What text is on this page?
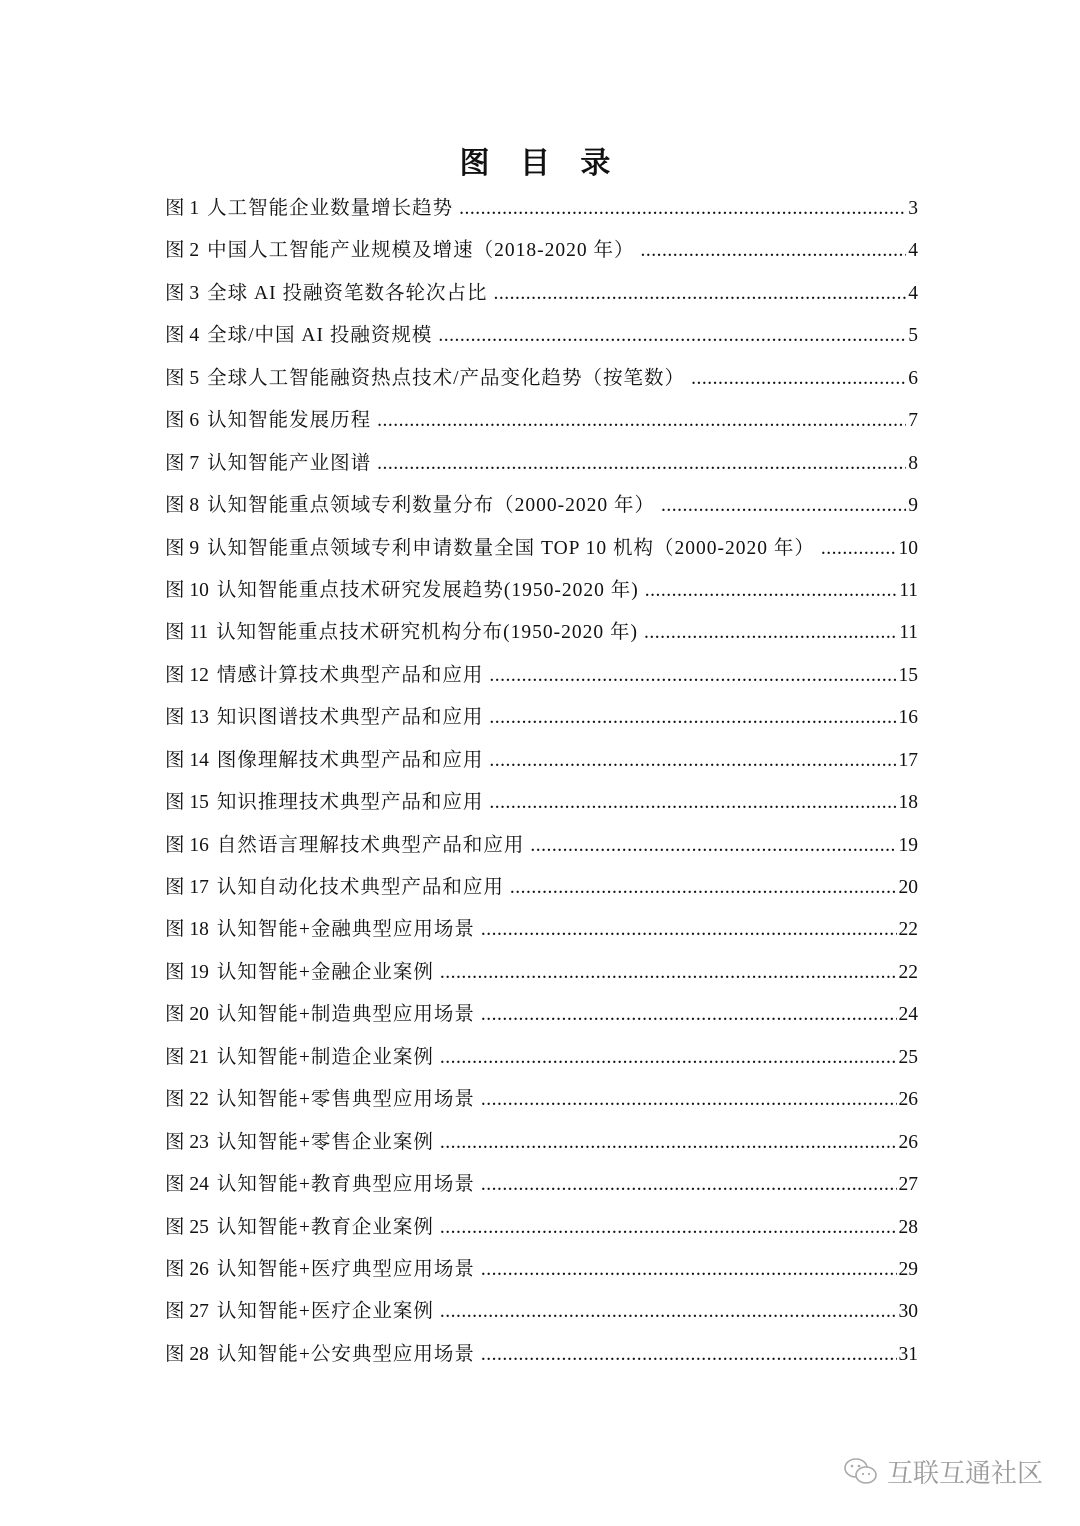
图 目 录
图 1 人工智能企业数量增长趋势 .....	3
图 2 中国人工智能产业规模及增速（2018-2020 年） .....	4
图 3 全球 AI 投融资笔数各轮次占比 .....	4
图 4 全球/中国 AI 投融资规模 .....	5
图 5 全球人工智能融资热点技术/产品变化趋势（按笔数） .....	6
图 6 认知智能发展历程 .....	7
图 7 认知智能产业图谱 .....	8
图 8 认知智能重点领域专利数量分布（2000-2020 年） .....	9
图 9 认知智能重点领域专利申请数量全国 TOP 10 机构（2000-2020 年） .....	10
图 10 认知智能重点技术研究发展趋势(1950-2020 年) .....	11
图 11 认知智能重点技术研究机构分布(1950-2020 年) .....	11
图 12 情感计算技术典型产品和应用 .....	15
图 13 知识图谱技术典型产品和应用 .....	16
图 14 图像理解技术典型产品和应用 .....	17
图 15 知识推理技术典型产品和应用 .....	18
图 16 自然语言理解技术典型产品和应用 .....	19
图 17 认知自动化技术典型产品和应用 .....	20
图 18 认知智能+金融典型应用场景 .....	22
图 19 认知智能+金融企业案例 .....	22
图 20 认知智能+制造典型应用场景 .....	24
图 21 认知智能+制造企业案例 .....	25
图 22 认知智能+零售典型应用场景 .....	26
图 23 认知智能+零售企业案例 .....	26
图 24 认知智能+教育典型应用场景 .....	27
图 25 认知智能+教育企业案例 .....	28
图 26 认知智能+医疗典型应用场景 .....	29
图 27 认知智能+医疗企业案例 .....	30
图 28 认知智能+公安典型应用场景 .....	31
互联互通社区
